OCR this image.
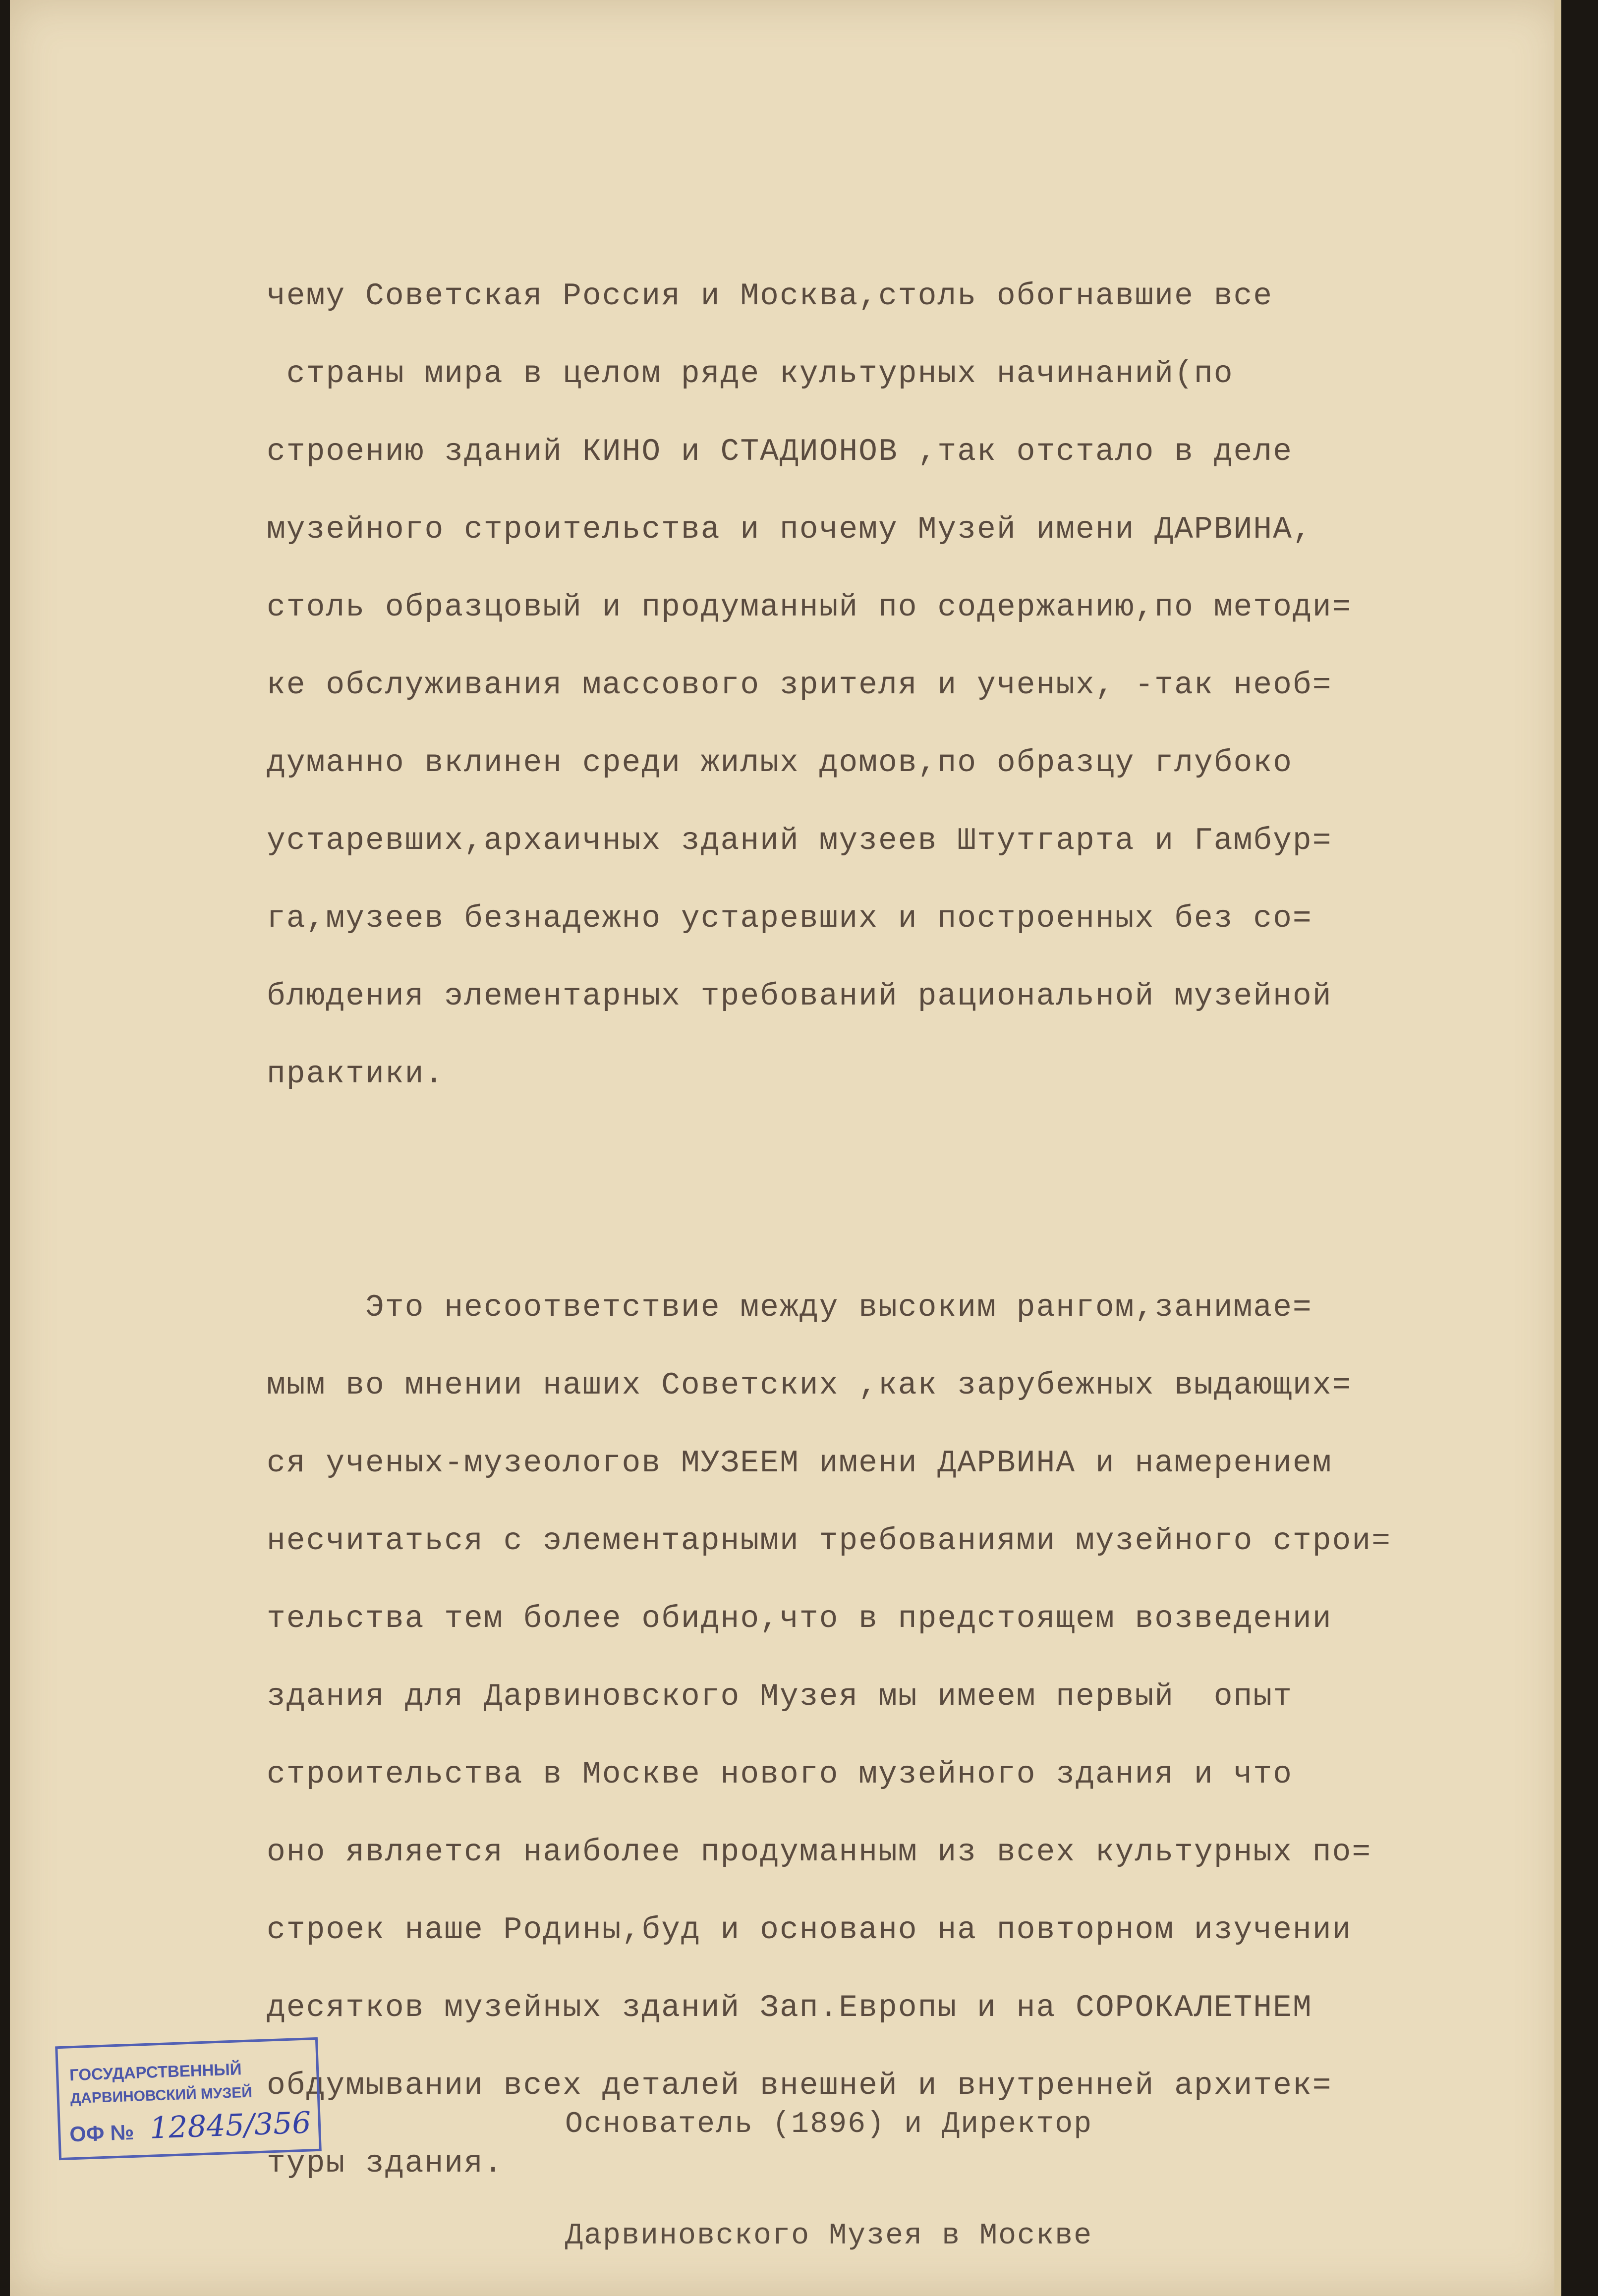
чему Советская Россия и Москва,столь обогнавшие все
страны мира в целом ряде культурных начинаний(по
строению зданий КИНО и СТАДИОНОВ ,так отстало в деле
музейного строительства и почему Музей имени ДАРВИНА,
столь образцовый и продуманный по содержанию,по методи=
ке обслуживания массового зрителя и ученых, -так необ=
думанно вклинен среди жилых домов,по образцу глубоко
устаревших,архаичных зданий музеев Штутгарта и Гамбур=
га,музеев безнадежно устаревших и построенных без со=
блюдения элементарных требований рациональной музейной
практики.

Это несоответствие между высоким рангом,занимае=
мым во мнении наших Советских ,как зарубежных выдающих=
ся ученых-музеологов МУЗЕЕМ имени ДАРВИНА и намерением
несчитаться с элементарными требованиями музейного строи=
тельства тем более обидно,что в предстоящем возведении
здания для Дарвиновского Музея мы имеем первый  опыт
строительства в Москве нового музейного здания и что
оно является наиболее продуманным из всех культурных по=
строек наше Родины,буд и основано на повторном изучении
десятков музейных зданий Зап.Европы и на СОРОКАЛЕТНЕМ
обдумывании всех деталей внешней и внутренней архитек=
туры здания.

Основатель (1896) и Директор

Дарвиновского Музея в Москве

ГОСУДАРСТВЕННЫЙ
ДАРВИНОВСКИЙ МУЗЕЙ
ОФ № 12845/356
